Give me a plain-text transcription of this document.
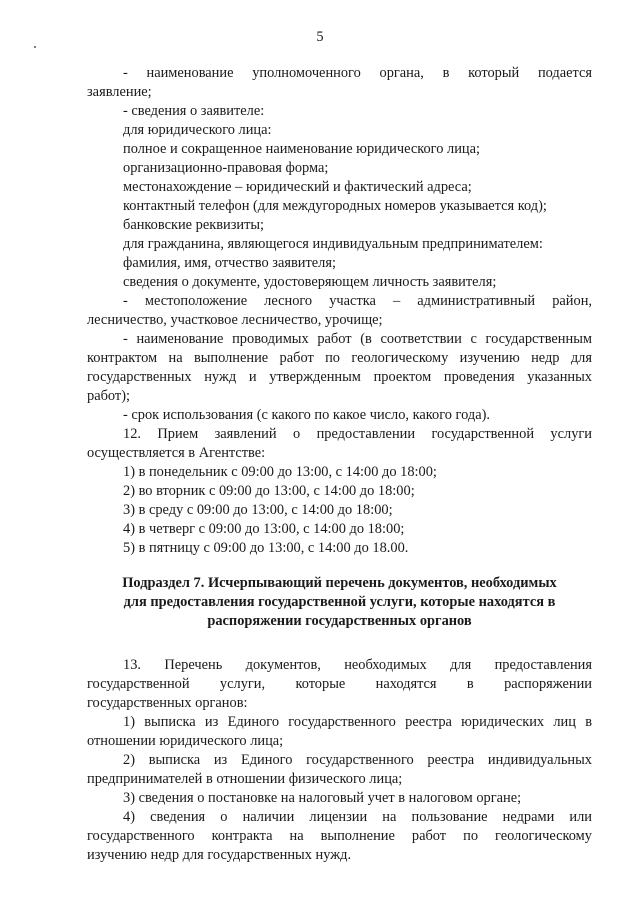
5

- наименование уполномоченного органа, в который подается

заявление;

- сведения о заявителе:

для юридического лица:

полное и сокращенное наименование юридического лица;

организационно-правовая форма;

местонахождение – юридический и фактический адреса;

контактный телефон (для междугородных номеров указывается код);

банковские реквизиты;

для гражданина, являющегося индивидуальным предпринимателем:

фамилия, имя, отчество заявителя;

сведения о документе, удостоверяющем личность заявителя;

- местоположение лесного участка – административный район,

лесничество, участковое лесничество, урочище;

- наименование проводимых работ (в соответствии с государственным

контрактом на выполнение работ по геологическому изучению недр для

государственных нужд и утвержденным проектом проведения указанных

работ);

- срок использования (с какого по какое число, какого года).

12. Прием заявлений о предоставлении государственной услуги

осуществляется в Агентстве:

1) в понедельник с 09:00 до 13:00, с 14:00 до 18:00;

2) во вторник с 09:00 до 13:00, с 14:00 до 18:00;

3) в среду с 09:00 до 13:00, с 14:00 до 18:00;

4) в четверг с 09:00 до 13:00, с 14:00 до 18:00;

5) в пятницу с 09:00 до 13:00, с 14:00 до 18.00.

Подраздел 7. Исчерпывающий перечень документов, необходимых
для предоставления государственной услуги, которые находятся в
распоряжении государственных органов

13. Перечень документов, необходимых для предоставления

государственной услуги, которые находятся в распоряжении

государственных органов:

1) выписка из Единого государственного реестра юридических лиц в

отношении юридического лица;

2) выписка из Единого государственного реестра индивидуальных

предпринимателей в отношении физического лица;

3) сведения о постановке на налоговый учет в налоговом органе;

4) сведения о наличии лицензии на пользование недрами или

государственного контракта на выполнение работ по геологическому

изучению недр для государственных нужд.
